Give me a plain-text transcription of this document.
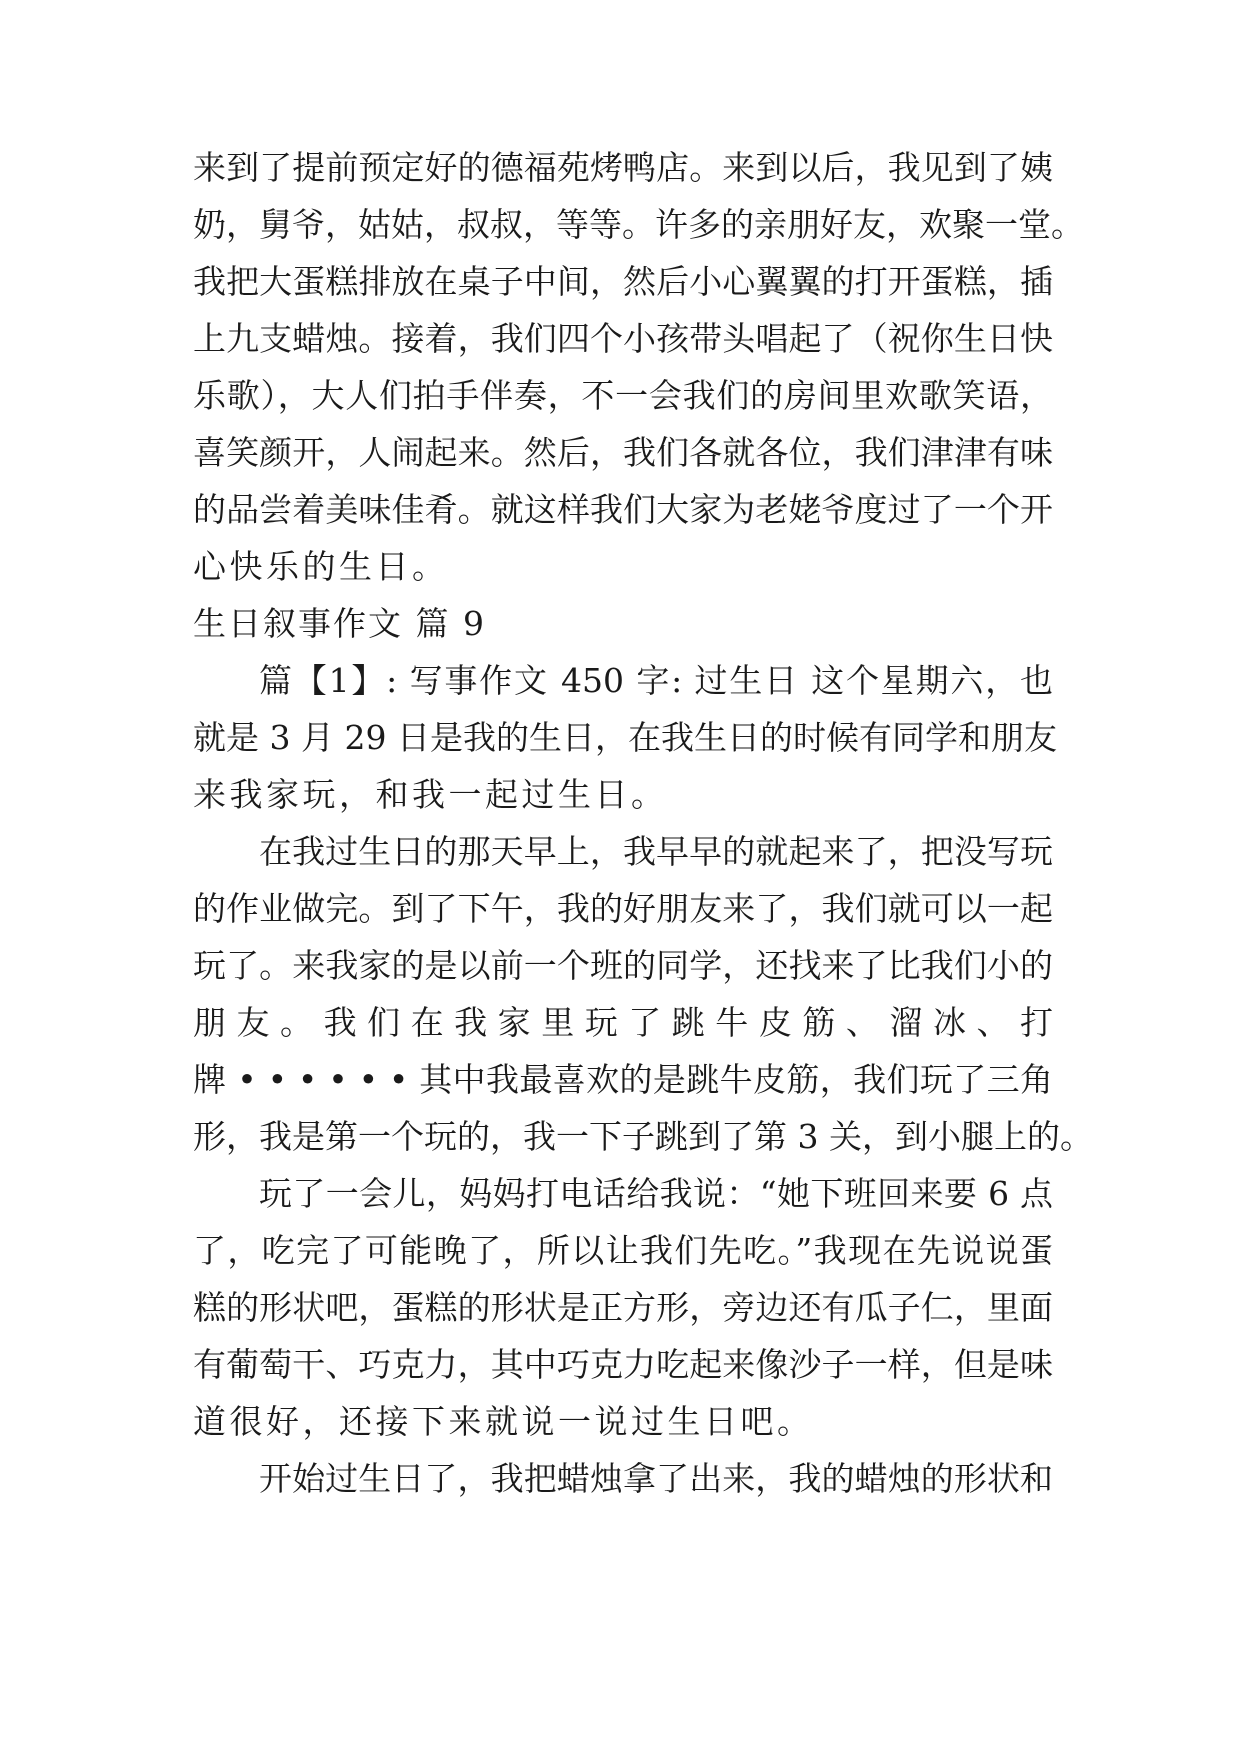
来到了提前预定好的德福苑烤鸭店。来到以后，我见到了姨
奶，舅爷，姑姑，叔叔，等等。许多的亲朋好友，欢聚一堂。
我把大蛋糕排放在桌子中间，然后小心翼翼的打开蛋糕，插
上九支蜡烛。接着，我们四个小孩带头唱起了（祝你生日快
乐歌），大人们拍手伴奏，不一会我们的房间里欢歌笑语，
喜笑颜开，人闹起来。然后，我们各就各位，我们津津有味
的品尝着美味佳肴。就这样我们大家为老姥爷度过了一个开
心快乐的生日。
生日叙事作文 篇 9
篇【1】: 写事作文 450 字: 过生日 这个星期六，也
就是 3 月 29 日是我的生日，在我生日的时候有同学和朋友
来我家玩，和我一起过生日。
在我过生日的那天早上，我早早的就起来了，把没写玩
的作业做完。到了下午，我的好朋友来了，我们就可以一起
玩了。来我家的是以前一个班的同学，还找来了比我们小的
朋 友 。 我 们 在 我 家 里 玩 了 跳 牛 皮 筋 、 溜 冰 、 打
牌 • • • • • • 其中我最喜欢的是跳牛皮筋，我们玩了三角
形，我是第一个玩的，我一下子跳到了第 3 关，到小腿上的。
玩了一会儿，妈妈打电话给我说：“她下班回来要 6 点
了，吃完了可能晚了，所以让我们先吃。”我现在先说说蛋
糕的形状吧，蛋糕的形状是正方形，旁边还有瓜子仁，里面
有葡萄干、巧克力，其中巧克力吃起来像沙子一样，但是味
道很好，还接下来就说一说过生日吧。
开始过生日了，我把蜡烛拿了出来，我的蜡烛的形状和
